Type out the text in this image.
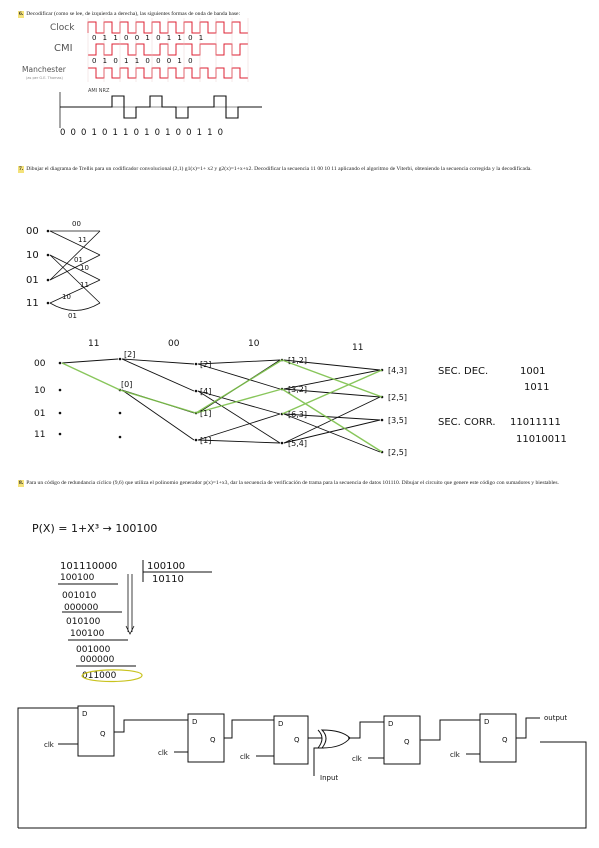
6. Decodificar (como se lee, de izquierda a derecha), las siguientes formas de onda de banda base:
Clock
CMI
Manchester
(as per G.E. Thomas)
0 1 1 0 0 1 0 1 1 0 1
0 1 0 1 1 0 0 0 1 0
AMI NRZ
0 0 0 1 0 1 1 0 1 0 1 0 0 1 1 0
7. Dibujar el diagrama de Trellis para un codificador convolucional (2,1) g1(x)=1+ x2 y g2(x)=1+x+x2. Decodificar la secuencia 11 00 10 11 aplicando el algoritmo de Viterbi, obteniendo la secuencia corregida y la decodificada.
00
10
01
11
00
11
01
10
11
10
01
11	00	10	11
00
10
01
11
[2]
[0]
[2]
[4]
[1]
[1]
[1,2]
[3,2]
[6,3]
[5,4]
[4,3]
[2,5]
[3,5]
[2,5]
SEC. DEC.	1001
1011
SEC. CORR. 11011111
11010011
8. Para un código de redundancia cíclico (9,6) que utiliza el polinomio generador p(x)=1+x3, dar la secuencia de verificación de trama para la secuencia de datos 101110. Dibujar el circuito que genere este código con sumadores y biestables.
P(X) = 1+X³ → 100100
101110000	100100
10110
100100
001010
000000
010100
100100
001000
000000
011000
D
Q
D
Q
D
Q
D
Q
D
Q
clk
clk	clk	clk	clk
Input
output
